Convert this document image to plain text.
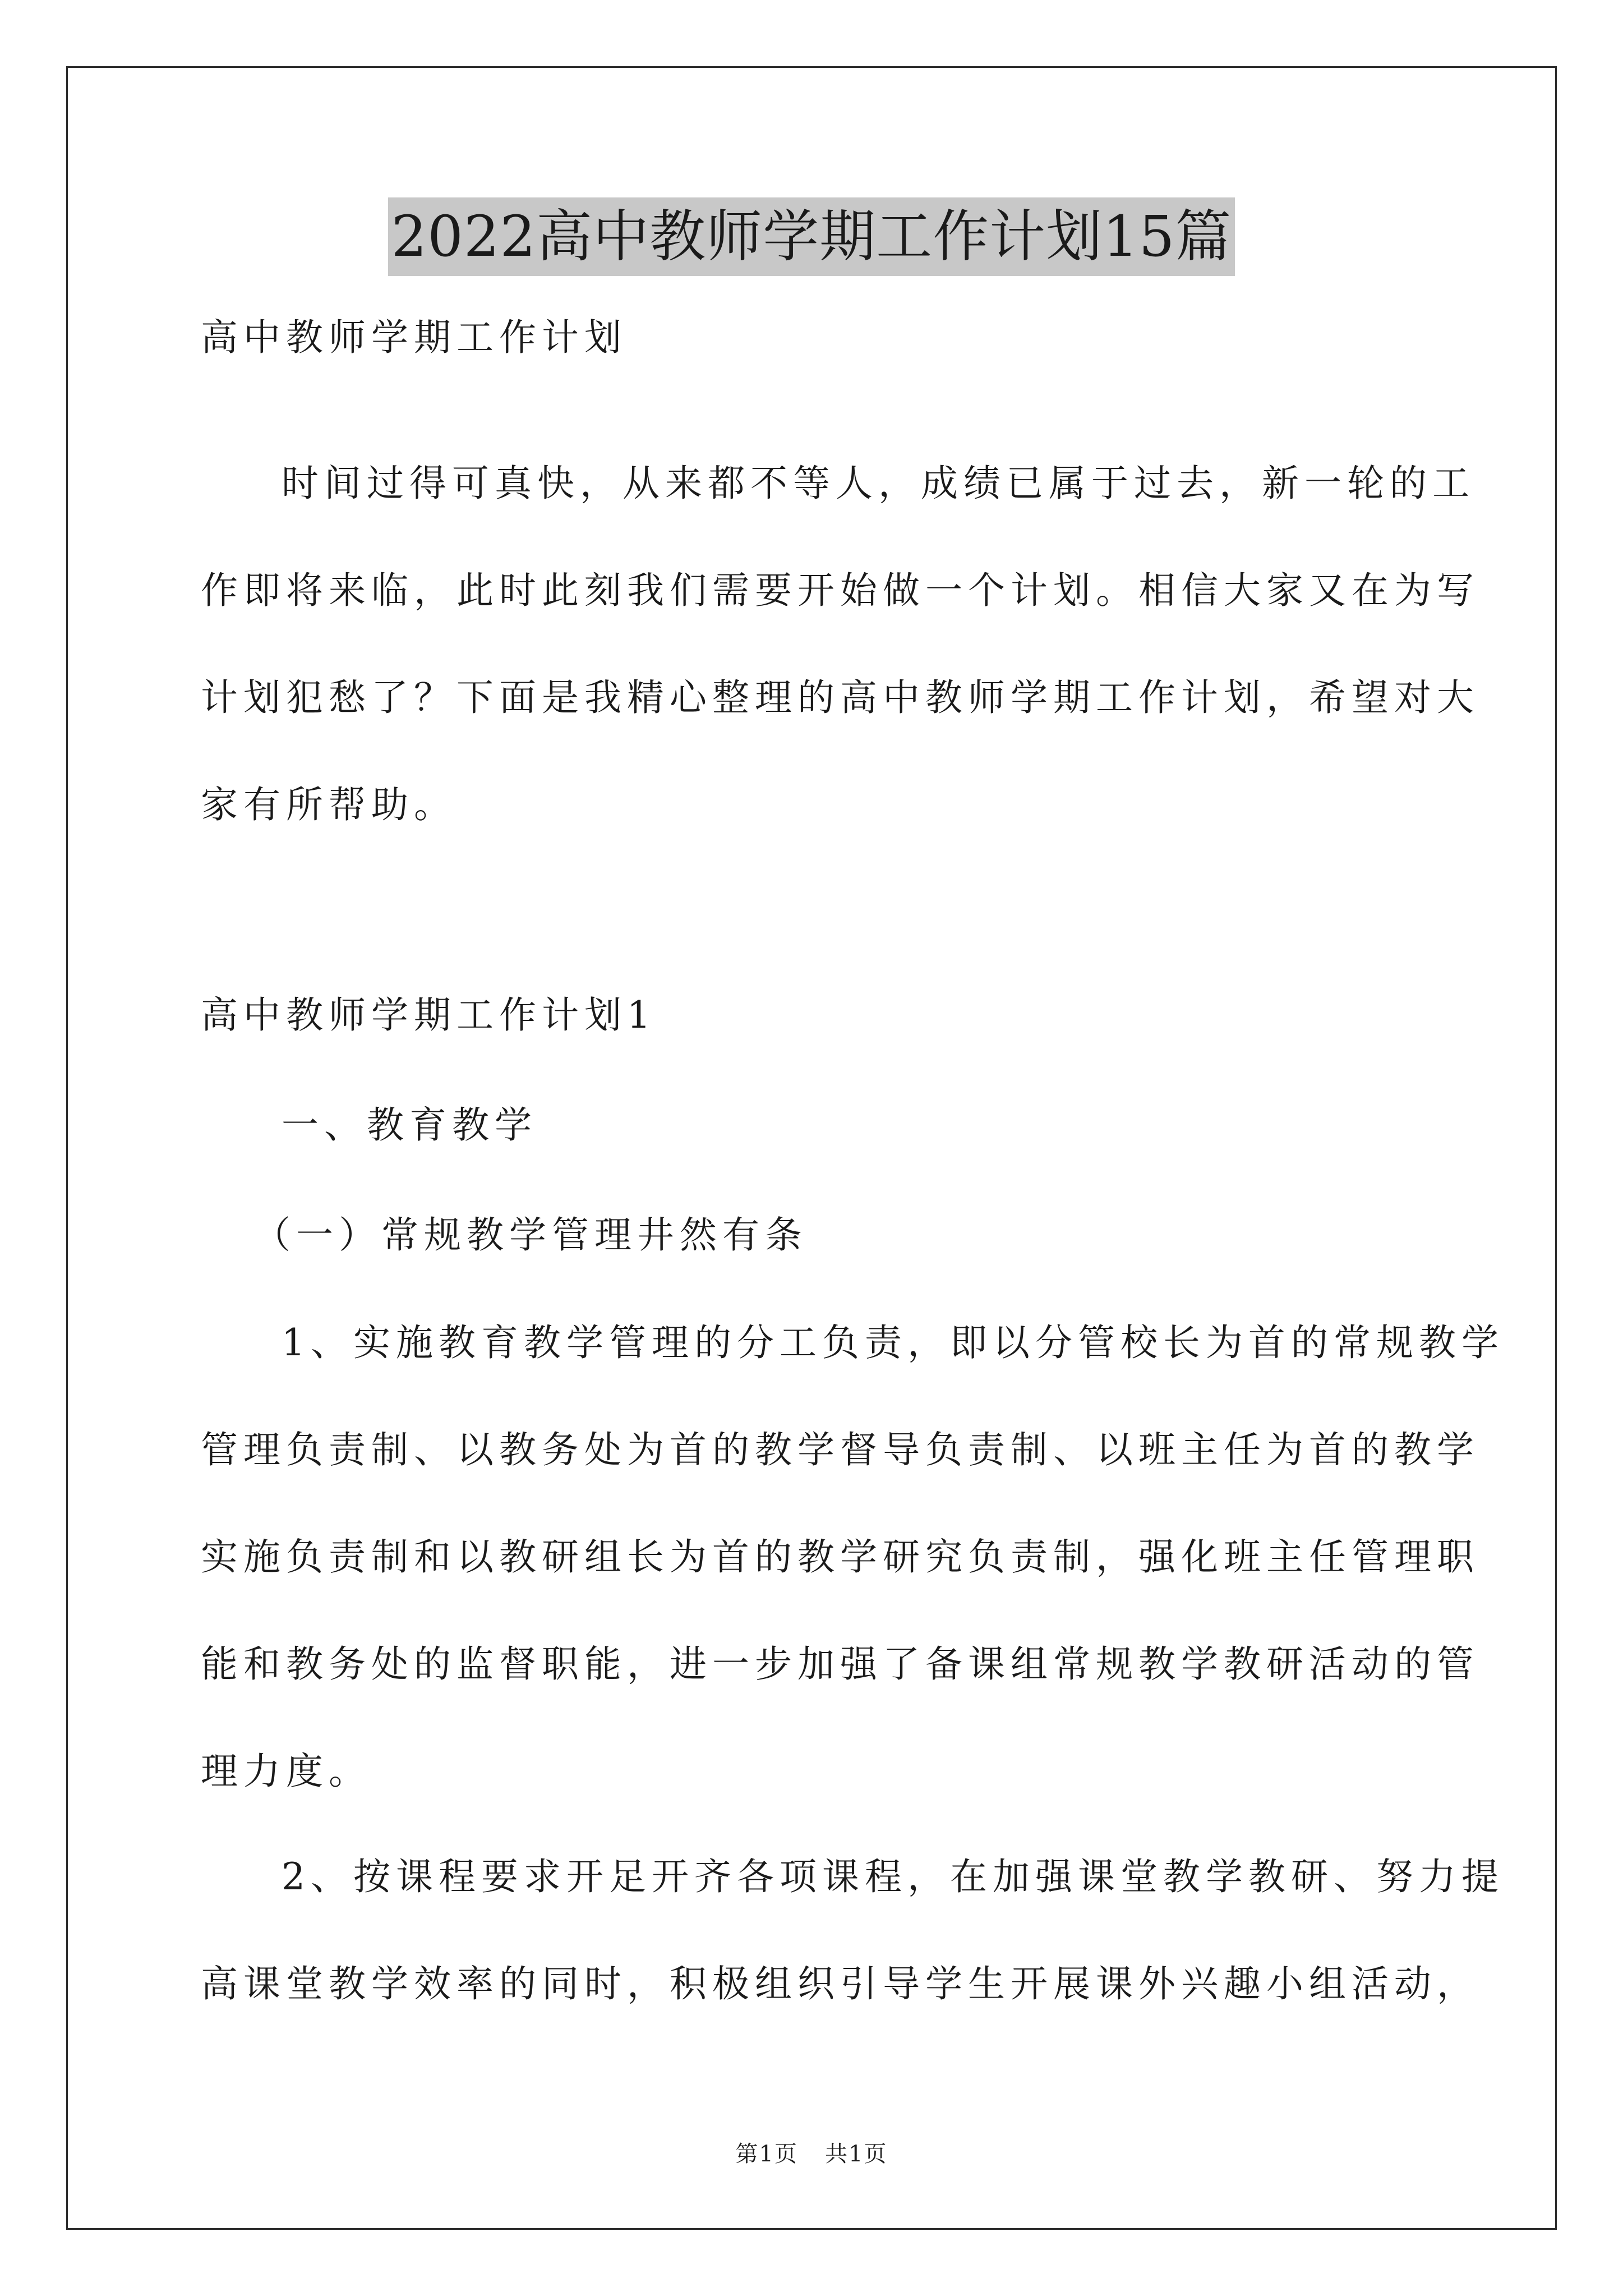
2022高中教师学期工作计划15篇
高中教师学期工作计划
时间过得可真快，从来都不等人，成绩已属于过去，新一轮的工
作即将来临，此时此刻我们需要开始做一个计划。相信大家又在为写
计划犯愁了？下面是我精心整理的高中教师学期工作计划，希望对大
家有所帮助。
高中教师学期工作计划1
一、教育教学
（一）常规教学管理井然有条
1、实施教育教学管理的分工负责，即以分管校长为首的常规教学
管理负责制、以教务处为首的教学督导负责制、以班主任为首的教学
实施负责制和以教研组长为首的教学研究负责制，强化班主任管理职
能和教务处的监督职能，进一步加强了备课组常规教学教研活动的管
理力度。
2、按课程要求开足开齐各项课程，在加强课堂教学教研、努力提
高课堂教学效率的同时，积极组织引导学生开展课外兴趣小组活动，
第1页 共1页
